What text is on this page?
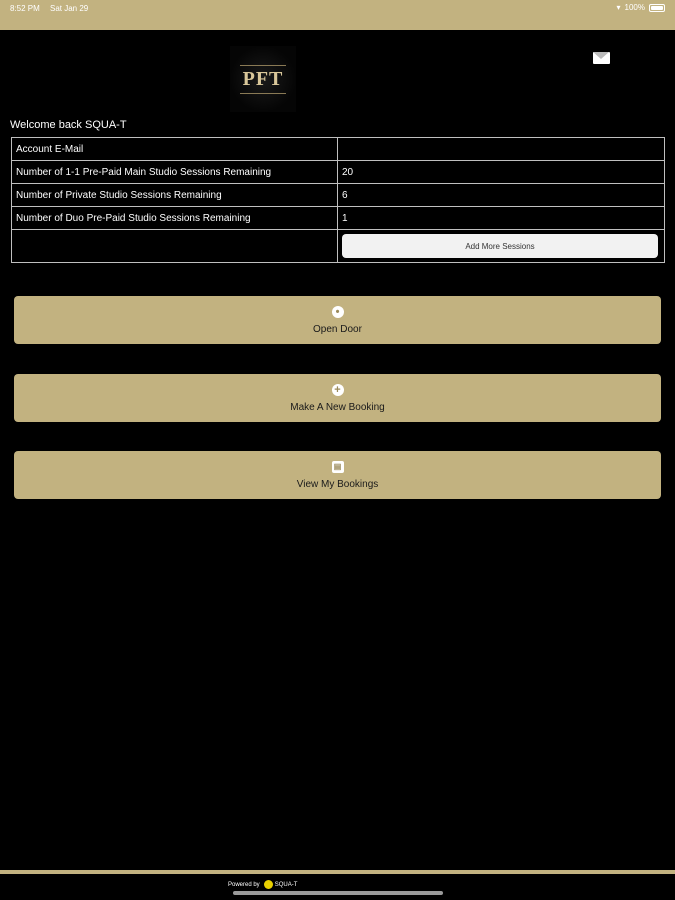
8:52 PM Sat Jan 29	▾ 100%
PFT
Welcome back SQUA-T
Account E-Mail	
Number of 1-1 Pre-Paid Main Studio Sessions Remaining	20
Number of Private Studio Sessions Remaining	6
Number of Duo Pre-Paid Studio Sessions Remaining	1

	Add More Sessions
•
Open Door
+
Make A New Booking
▤
View My Bookings
Powered by	SQUA-T
